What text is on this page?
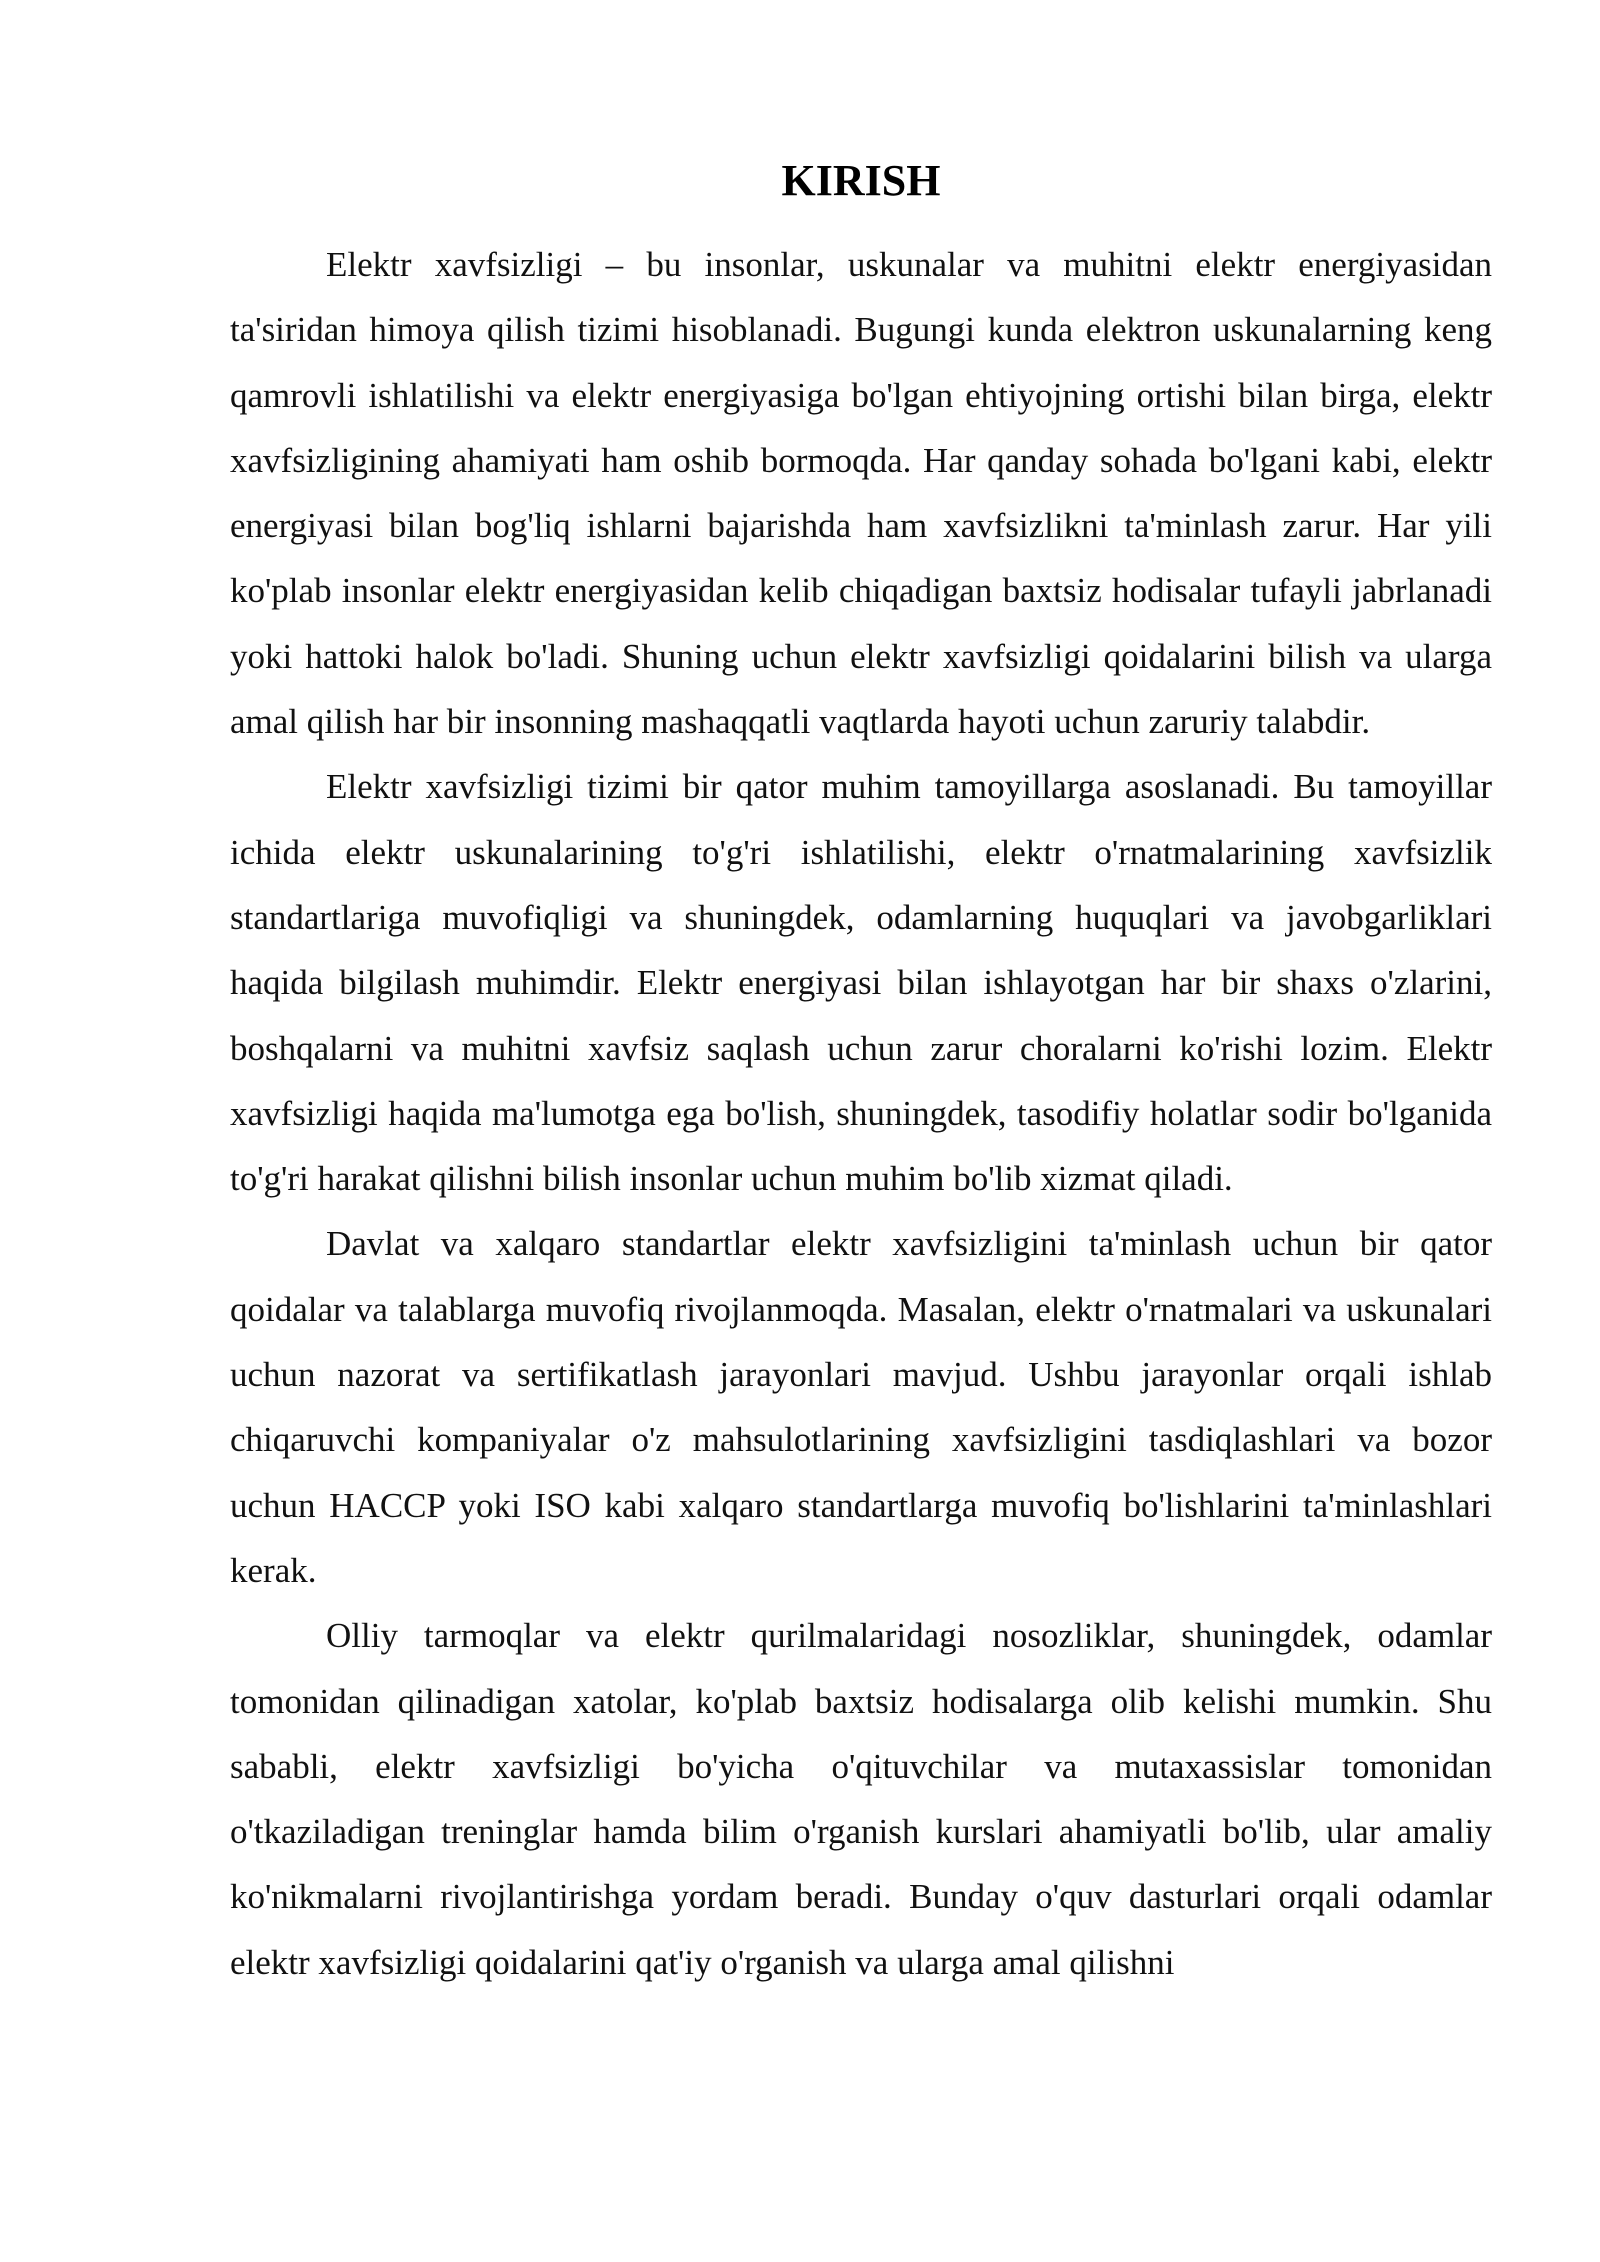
KIRISH

Elektr xavfsizligi – bu insonlar, uskunalar va muhitni elektr energiyasidan ta'siridan himoya qilish tizimi hisoblanadi. Bugungi kunda elektron uskunalarning keng qamrovli ishlatilishi va elektr energiyasiga bo'lgan ehtiyojning ortishi bilan birga, elektr xavfsizligining ahamiyati ham oshib bormoqda. Har qanday sohada bo'lgani kabi, elektr energiyasi bilan bog'liq ishlarni bajarishda ham xavfsizlikni ta'minlash zarur. Har yili ko'plab insonlar elektr energiyasidan kelib chiqadigan baxtsiz hodisalar tufayli jabrlanadi yoki hattoki halok bo'ladi. Shuning uchun elektr xavfsizligi qoidalarini bilish va ularga amal qilish har bir insonning mashaqqatli vaqtlarda hayoti uchun zaruriy talabdir.

Elektr xavfsizligi tizimi bir qator muhim tamoyillarga asoslanadi. Bu tamoyillar ichida elektr uskunalarining to'g'ri ishlatilishi, elektr o'rnatmalarining xavfsizlik standartlariga muvofiqligi va shuningdek, odamlarning huquqlari va javobgarliklari haqida bilgilash muhimdir. Elektr energiyasi bilan ishlayotgan har bir shaxs o'zlarini, boshqalarni va muhitni xavfsiz saqlash uchun zarur choralarni ko'rishi lozim. Elektr xavfsizligi haqida ma'lumotga ega bo'lish, shuningdek, tasodifiy holatlar sodir bo'lganida to'g'ri harakat qilishni bilish insonlar uchun muhim bo'lib xizmat qiladi.

Davlat va xalqaro standartlar elektr xavfsizligini ta'minlash uchun bir qator qoidalar va talablarga muvofiq rivojlanmoqda. Masalan, elektr o'rnatmalari va uskunalari uchun nazorat va sertifikatlash jarayonlari mavjud. Ushbu jarayonlar orqali ishlab chiqaruvchi kompaniyalar o'z mahsulotlarining xavfsizligini tasdiqlashlari va bozor uchun HACCP yoki ISO kabi xalqaro standartlarga muvofiq bo'lishlarini ta'minlashlari kerak.

Olliy tarmoqlar va elektr qurilmalaridagi nosozliklar, shuningdek, odamlar tomonidan qilinadigan xatolar, ko'plab baxtsiz hodisalarga olib kelishi mumkin. Shu sababli, elektr xavfsizligi bo'yicha o'qituvchilar va mutaxassislar tomonidan o'tkaziladigan treninglar hamda bilim o'rganish kurslari ahamiyatli bo'lib, ular amaliy ko'nikmalarni rivojlantirishga yordam beradi. Bunday o'quv dasturlari orqali odamlar elektr xavfsizligi qoidalarini qat'iy o'rganish va ularga amal qilishni
